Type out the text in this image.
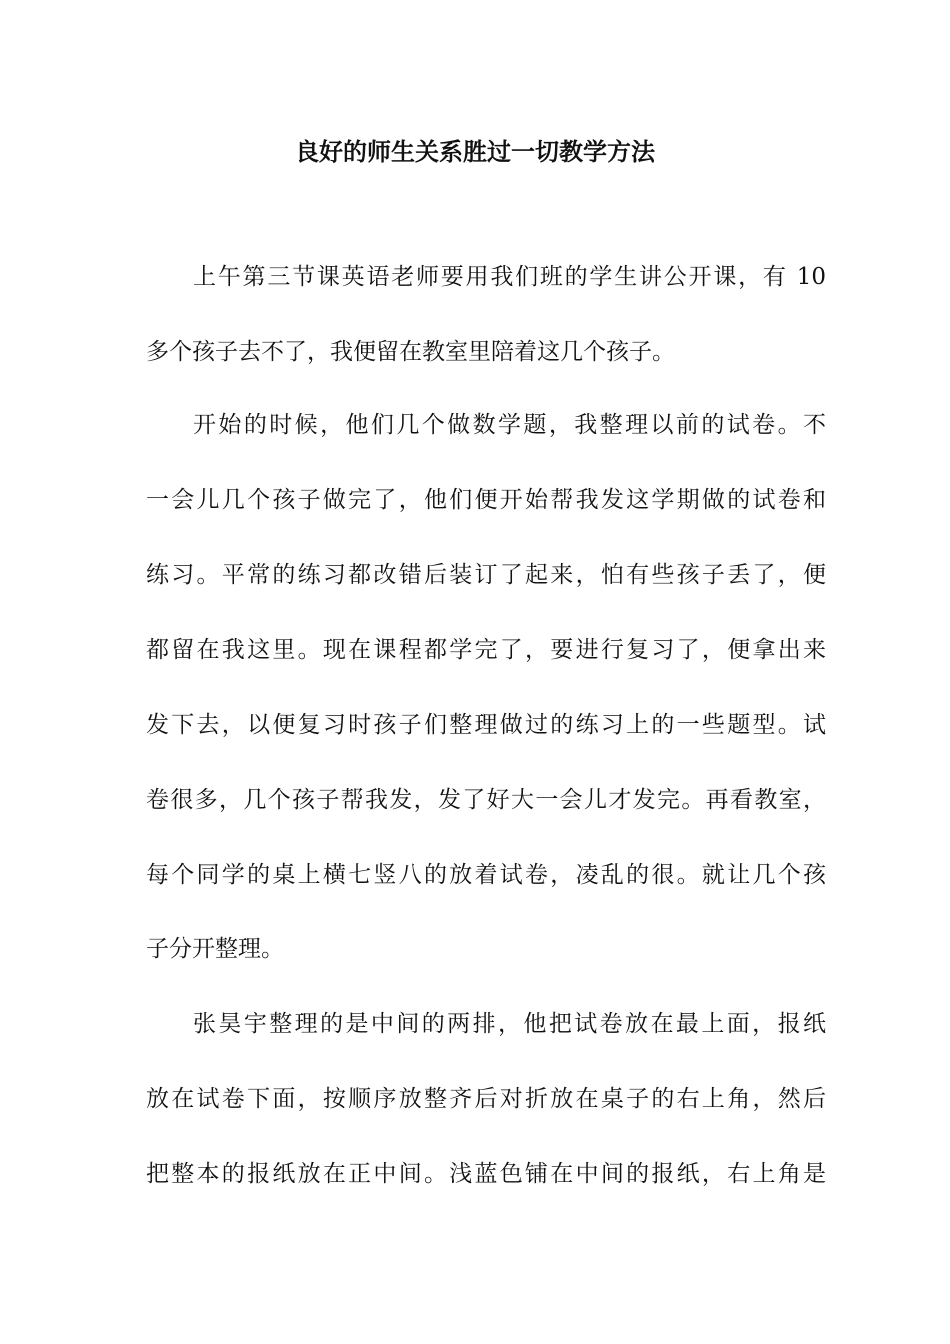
良好的师生关系胜过一切教学方法
上午第三节课英语老师要用我们班的学生讲公开课，有 10
多个孩子去不了，我便留在教室里陪着这几个孩子。
开始的时候，他们几个做数学题，我整理以前的试卷。不
一会儿几个孩子做完了，他们便开始帮我发这学期做的试卷和
练习。平常的练习都改错后装订了起来，怕有些孩子丢了，便
都留在我这里。现在课程都学完了，要进行复习了，便拿出来
发下去，以便复习时孩子们整理做过的练习上的一些题型。试
卷很多，几个孩子帮我发，发了好大一会儿才发完。再看教室，
每个同学的桌上横七竖八的放着试卷，凌乱的很。就让几个孩
子分开整理。
张昊宇整理的是中间的两排，他把试卷放在最上面，报纸
放在试卷下面，按顺序放整齐后对折放在桌子的右上角，然后
把整本的报纸放在正中间。浅蓝色铺在中间的报纸，右上角是
